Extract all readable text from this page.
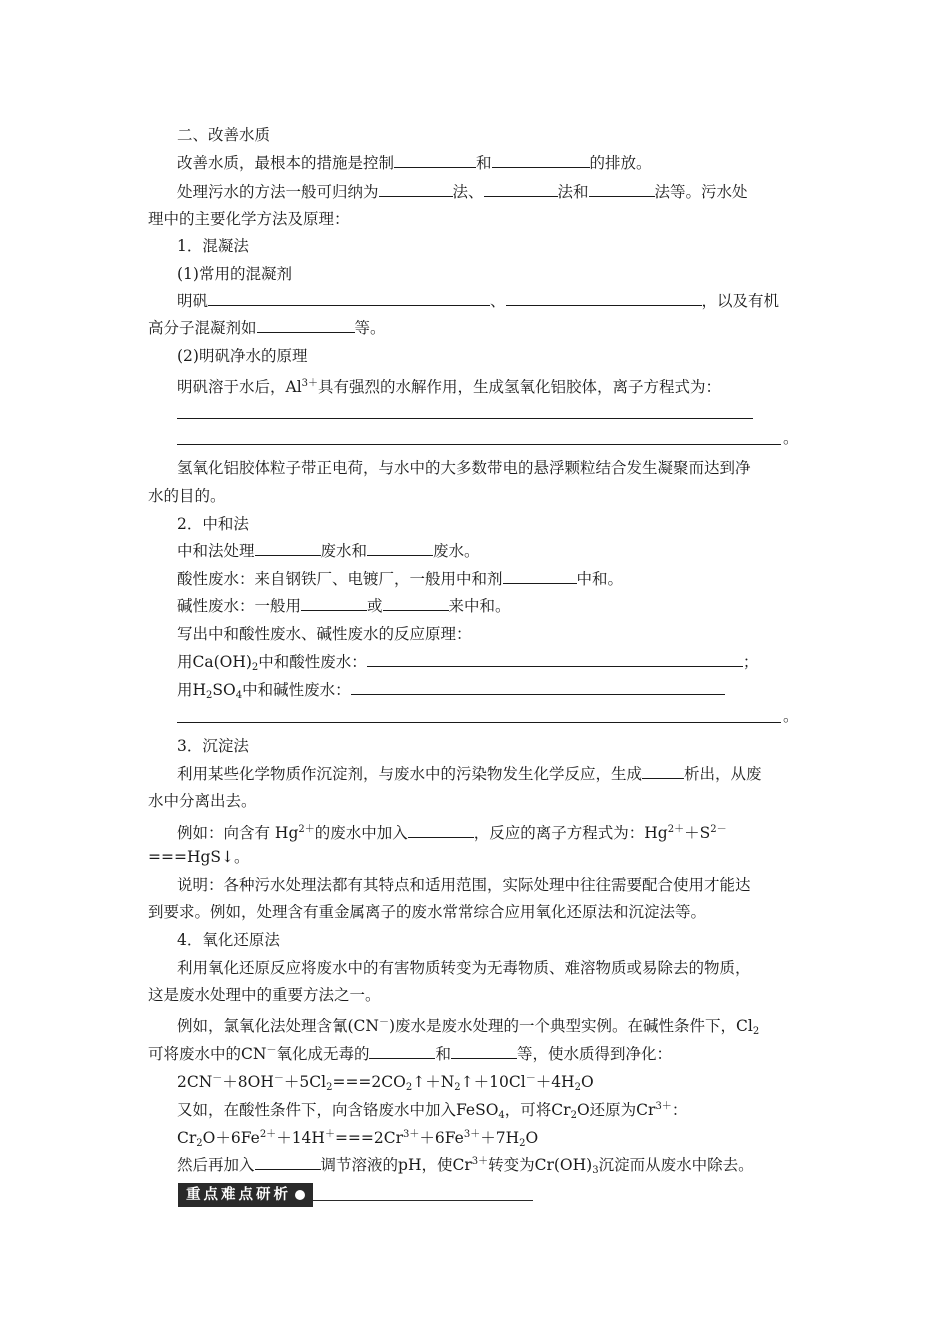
二、改善水质
改善水质，最根本的措施是控制	和	的排放。
处理污水的方法一般可归纳为	法、	法和	法等。污水处
理中的主要化学方法及原理：
1．混凝法
(1)常用的混凝剂
明矾	、	，以及有机
高分子混凝剂如	等。
(2)明矾净水的原理
明矾溶于水后，$Al^{3+}$具有强烈的水解作用，生成氢氧化铝胶体，离子方程式为：
。
氢氧化铝胶体粒子带正电荷，与水中的大多数带电的悬浮颗粒结合发生凝聚而达到净
水的目的。
2．中和法
中和法处理	废水和	废水。
酸性废水：来自钢铁厂、电镀厂，一般用中和剂	中和。
碱性废水：一般用	或	来中和。
写出中和酸性废水、碱性废水的反应原理：
用$Ca(OH)_2$中和酸性废水：	；
用$H_2SO_4$中和碱性废水：
。
3．沉淀法
利用某些化学物质作沉淀剂，与废水中的污染物发生化学反应，生成	析出，从废
水中分离出去。
例如：向含有 $Hg^{2+}$的废水中加入	，反应的离子方程式为：$Hg^{2+}+S^{2-}$
===HgS↓。
说明：各种污水处理法都有其特点和适用范围，实际处理中往往需要配合使用才能达
到要求。例如，处理含有重金属离子的废水常常综合应用氧化还原法和沉淀法等。
4．氧化还原法
利用氧化还原反应将废水中的有害物质转变为无毒物质、难溶物质或易除去的物质，
这是废水处理中的重要方法之一。
例如，氯氧化法处理含氰(CN－)废水是废水处理的一个典型实例。在碱性条件下，$Cl_2$
可将废水中的CN－氧化成无毒的	和	等，使水质得到净化：
$2CN^-+8OH^-+5Cl_2===2CO_2↑+N_2↑+10Cl^-+4H_2O$
又如，在酸性条件下，向含铬废水中加入FeSO$_4$，可将$Cr_2O$还原为$Cr^{3+}$：
$Cr_2O+6Fe^{2+}+14H^+===2Cr^{3+}+6Fe^{3+}+7H_2O$
然后再加入	调节溶液的pH，使$Cr^{3+}$转变为$Cr(OH)_3$沉淀而从废水中除去。
重点难点研析
